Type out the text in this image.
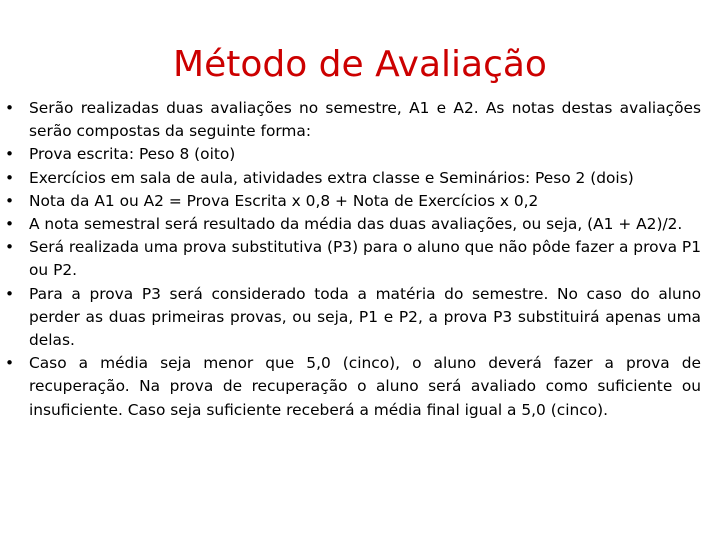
Método de Avaliação
• Serão realizadas duas avaliações no semestre, A1 e A2. As notas destas avaliações serão compostas da seguinte forma:
• Prova escrita: Peso 8 (oito)
• Exercícios em sala de aula, atividades extra classe e Seminários: Peso 2 (dois)
• Nota da A1 ou A2 = Prova Escrita x 0,8 + Nota de Exercícios x 0,2
• A nota semestral será resultado da média das duas avaliações, ou seja, (A1 + A2)/2.
• Será realizada uma prova substitutiva (P3) para o aluno que não pôde fazer a prova P1 ou P2.
• Para a prova P3 será considerado toda a matéria do semestre. No caso do aluno perder as duas primeiras provas, ou seja, P1 e P2, a prova P3 substituirá apenas uma delas.
• Caso a média seja menor que 5,0 (cinco), o aluno deverá fazer a prova de recuperação. Na prova de recuperação o aluno será avaliado como suficiente ou insuficiente. Caso seja suficiente receberá a média final igual a 5,0 (cinco).
